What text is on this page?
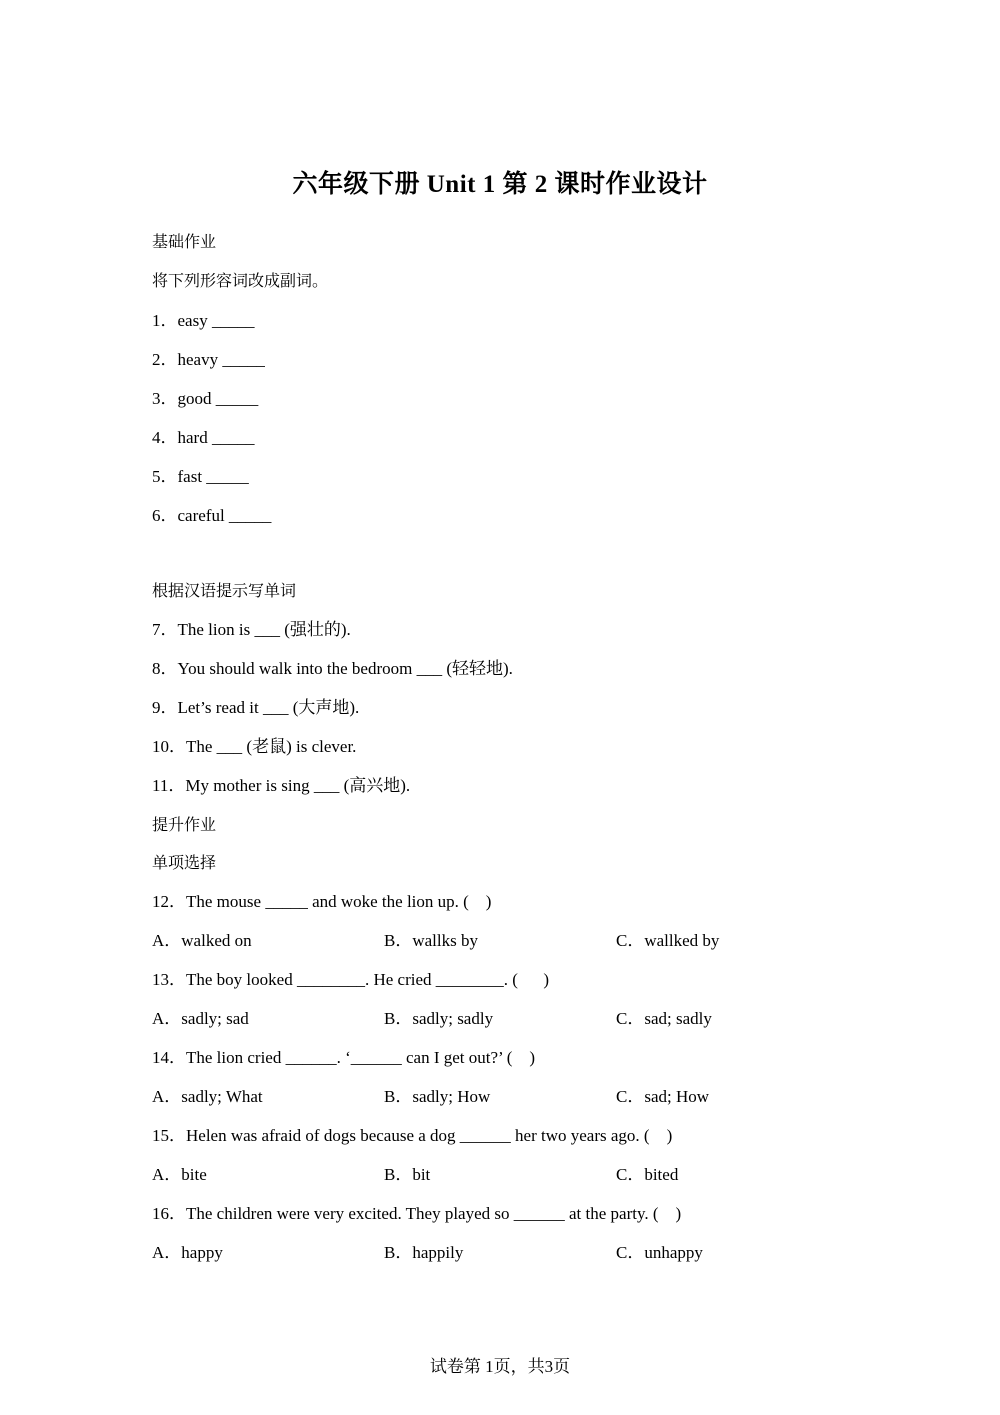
六年级下册 Unit 1 第 2 课时作业设计
基础作业
将下列形容词改成副词。
1．easy _____
2．heavy _____
3．good _____
4．hard _____
5．fast _____
6．careful _____
根据汉语提示写单词
7．The lion is ___ (强壮的).
8．You should walk into the bedroom ___ (轻轻地).
9．Let’s read it ___ (大声地).
10．The ___ (老鼠) is clever.
11．My mother is sing ___ (高兴地).
提升作业
单项选择
12．The mouse _____ and woke the lion up. (    )
A．walked on	B．wallks by	C．wallked by
13．The boy looked ________. He cried ________. (      )
A．sadly; sad	B．sadly; sadly	C．sad; sadly
14．The lion cried ______. ‘______ can I get out?’ (    )
A．sadly; What	B．sadly; How	C．sad; How
15．Helen was afraid of dogs because a dog ______ her two years ago. (    )
A．bite	B．bit	C．bited
16．The children were very excited. They played so ______ at the party. (    )
A．happy	B．happily	C．unhappy
试卷第 1页，共3页
